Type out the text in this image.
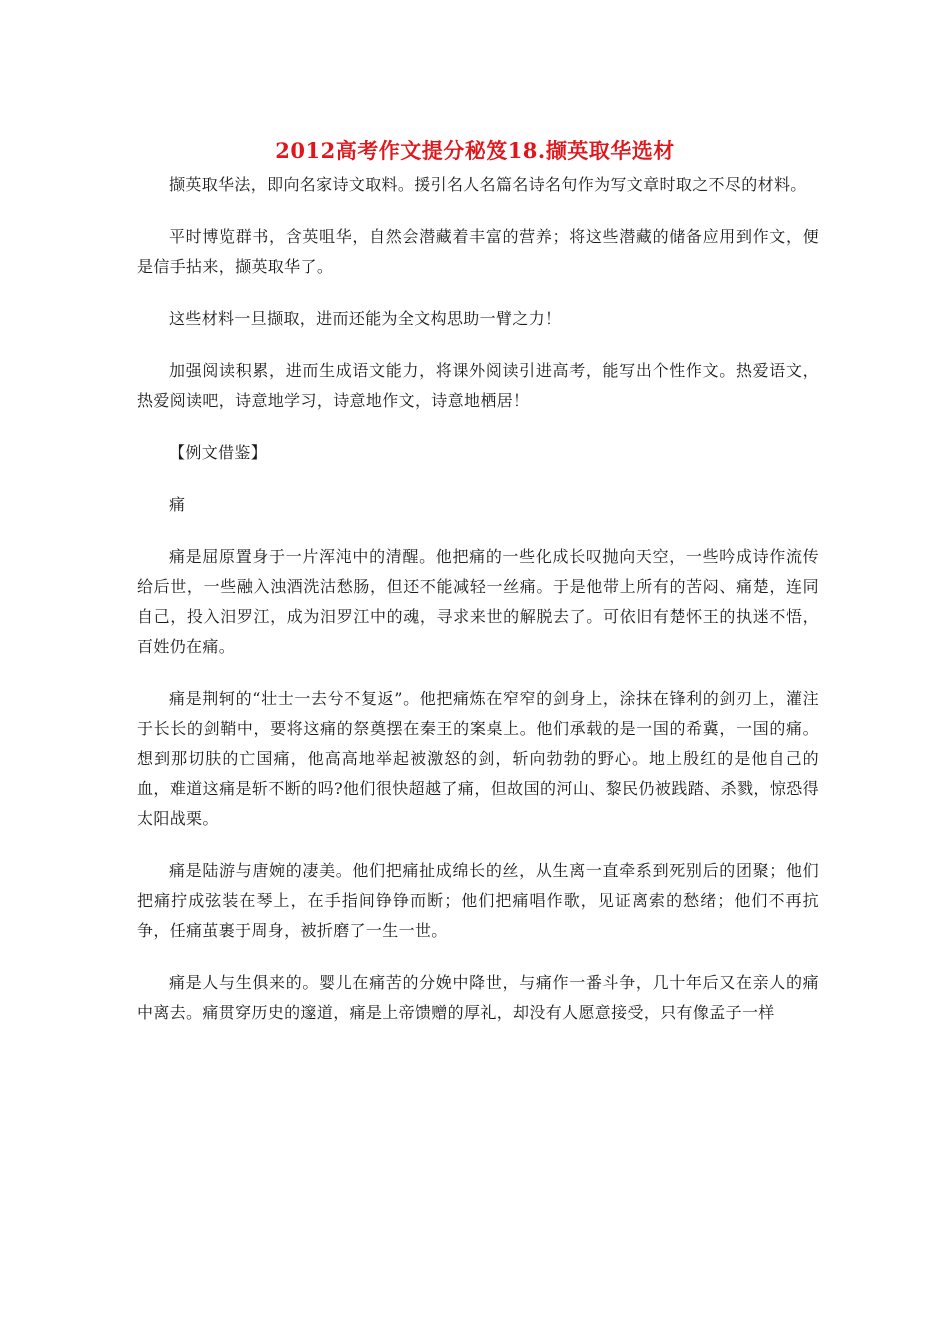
2012高考作文提分秘笈18.撷英取华选材

撷英取华法，即向名家诗文取料。援引名人名篇名诗名句作为写文章时取之不尽的材料。

平时博览群书，含英咀华，自然会潜藏着丰富的营养；将这些潜藏的储备应用到作文，便是信手拈来，撷英取华了。

这些材料一旦撷取，进而还能为全文构思助一臂之力！

加强阅读积累，进而生成语文能力，将课外阅读引进高考，能写出个性作文。热爱语文，热爱阅读吧，诗意地学习，诗意地作文，诗意地栖居！

【例文借鉴】

痛

痛是屈原置身于一片浑沌中的清醒。他把痛的一些化成长叹抛向天空，一些吟成诗作流传给后世，一些融入浊酒洗沽愁肠，但还不能减轻一丝痛。于是他带上所有的苦闷、痛楚，连同自己，投入汨罗江，成为汨罗江中的魂，寻求来世的解脱去了。可依旧有楚怀王的执迷不悟，百姓仍在痛。

痛是荆轲的“壮士一去兮不复返”。他把痛炼在窄窄的剑身上，涂抹在锋利的剑刃上，灌注于长长的剑鞘中，要将这痛的祭奠摆在秦王的案桌上。他们承载的是一国的希冀，一国的痛。想到那切肤的亡国痛，他高高地举起被激怒的剑，斩向勃勃的野心。地上殷红的是他自己的血，难道这痛是斩不断的吗?他们很快超越了痛，但故国的河山、黎民仍被践踏、杀戮，惊恐得太阳战栗。

痛是陆游与唐婉的凄美。他们把痛扯成绵长的丝，从生离一直牵系到死别后的团聚；他们把痛拧成弦装在琴上，在手指间铮铮而断；他们把痛唱作歌，见证离索的愁绪；他们不再抗争，任痛茧裹于周身，被折磨了一生一世。

痛是人与生俱来的。婴儿在痛苦的分娩中降世，与痛作一番斗争，几十年后又在亲人的痛中离去。痛贯穿历史的邃道，痛是上帝馈赠的厚礼，却没有人愿意接受，只有像孟子一样
